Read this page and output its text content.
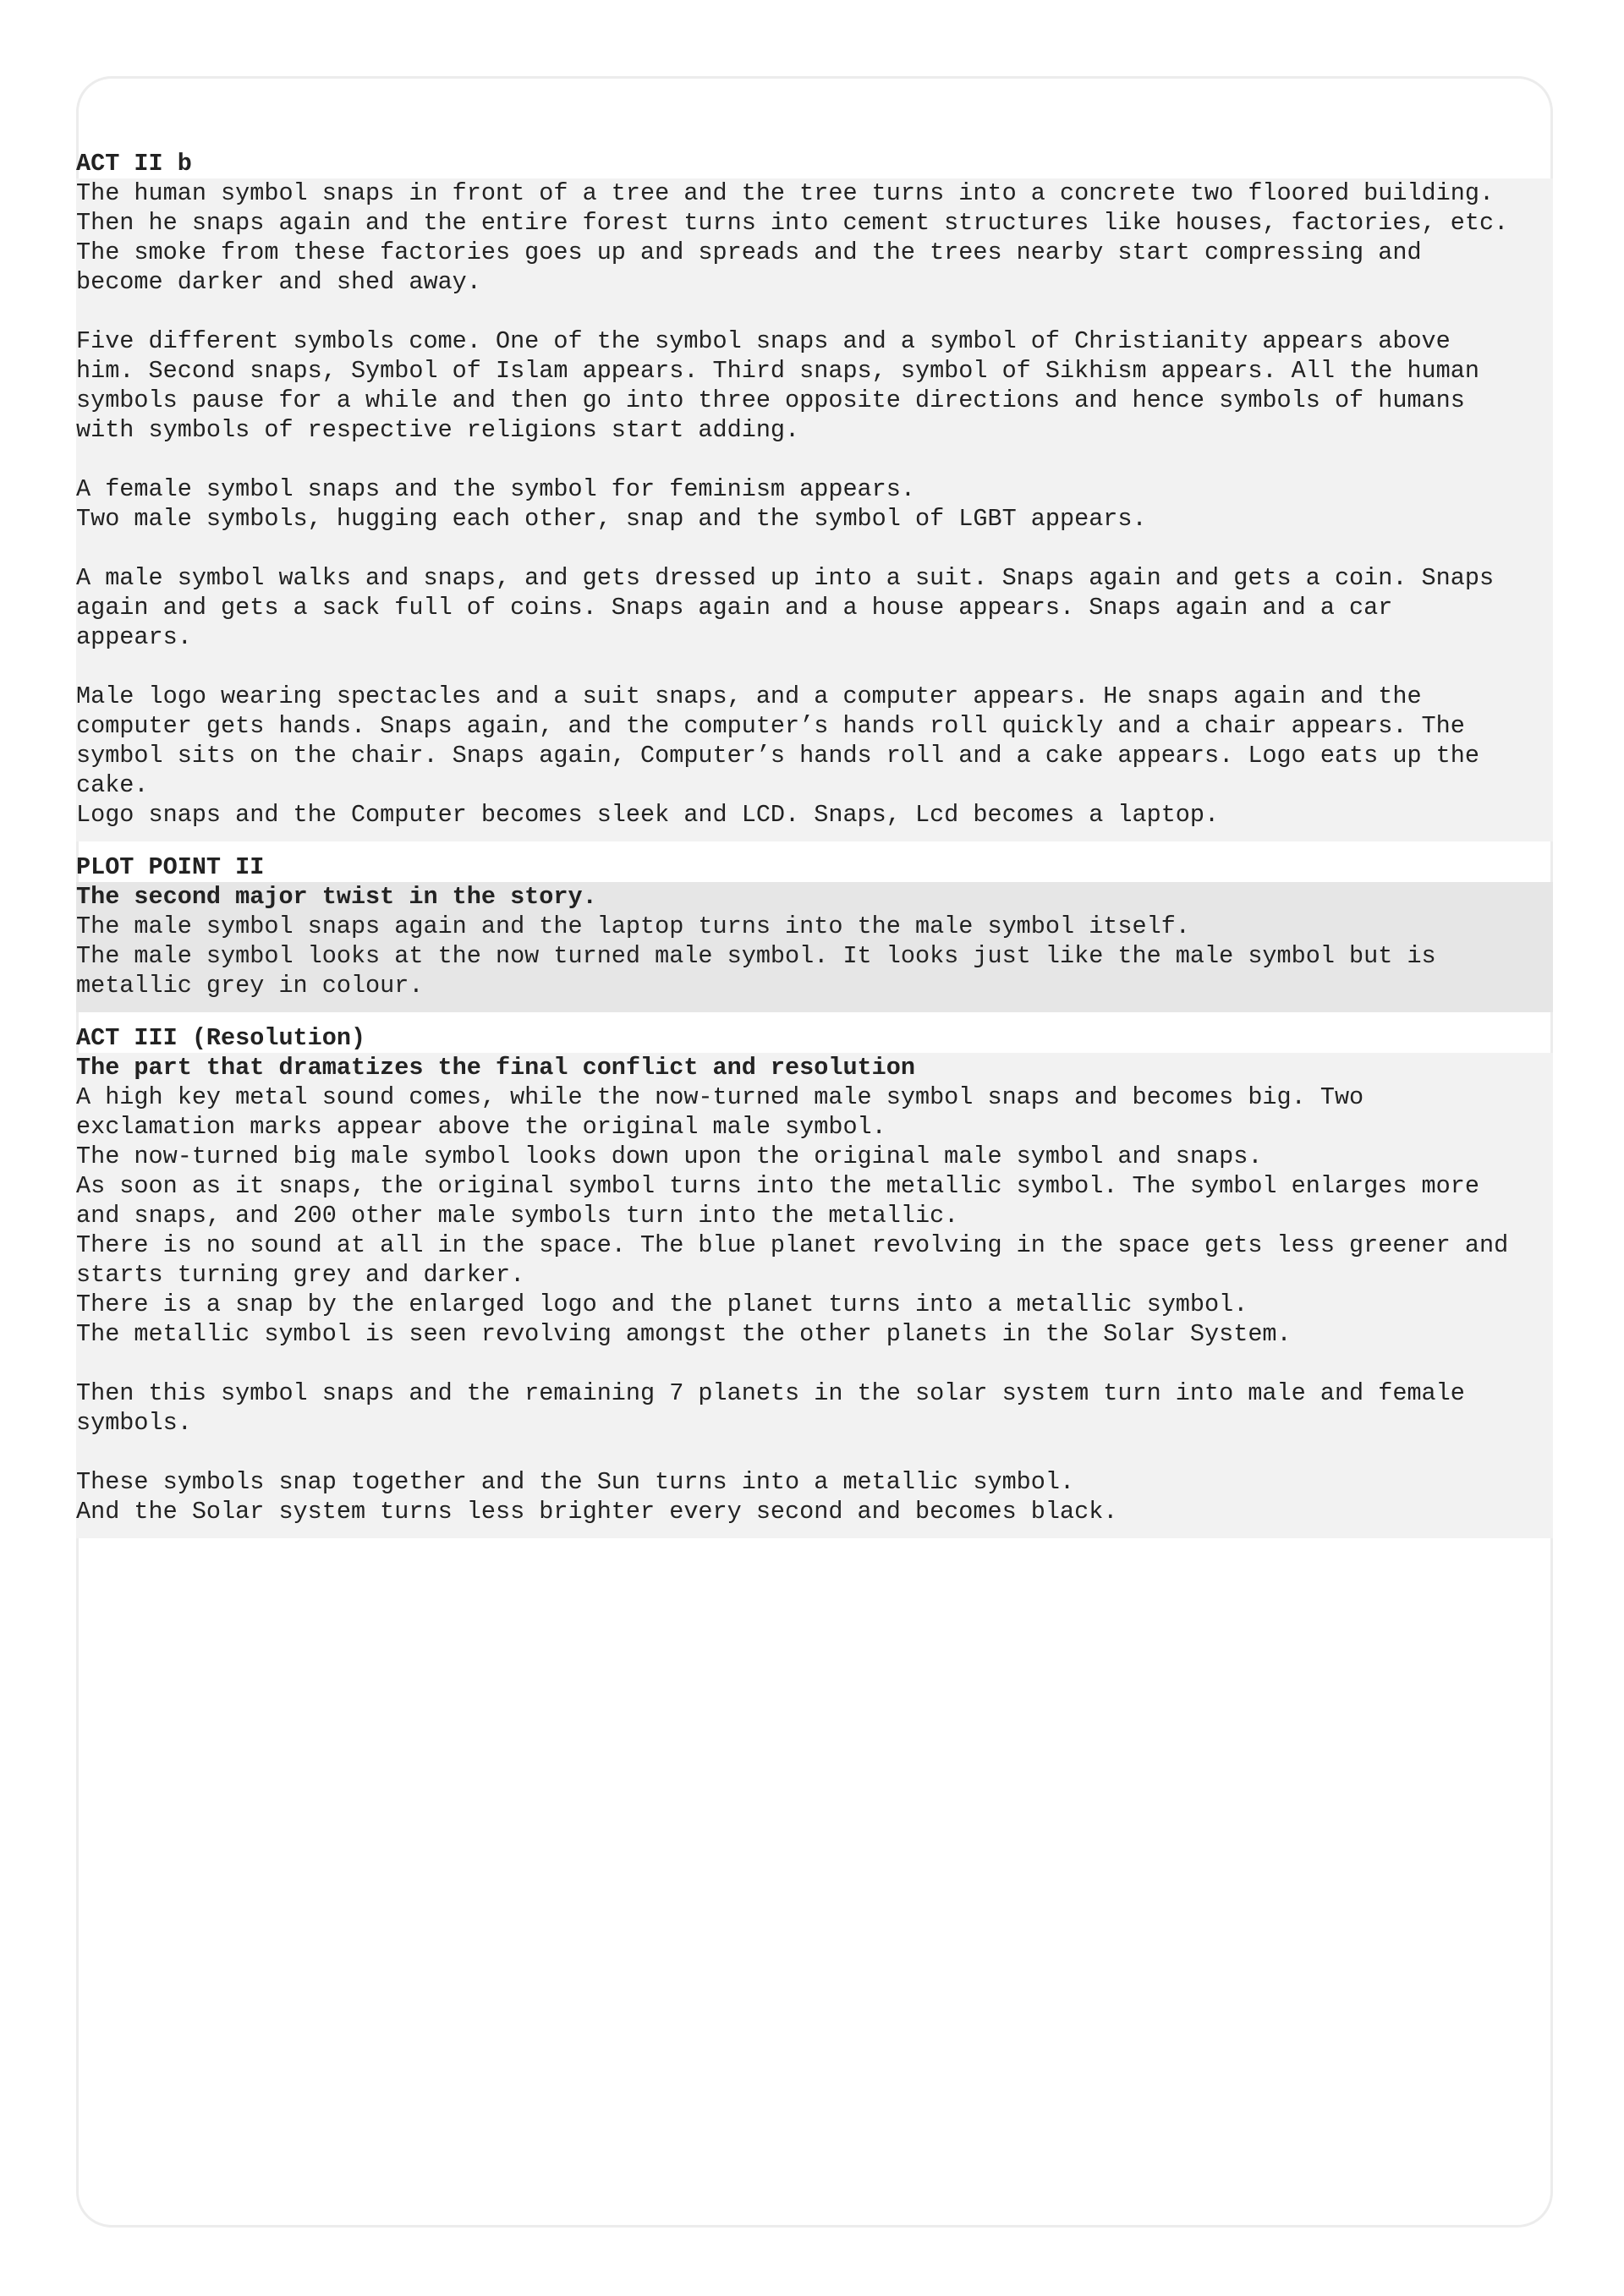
ACT II b

The human symbol snaps in front of a tree and the tree turns into a concrete two floored building.
Then he snaps again and the entire forest turns into cement structures like houses, factories, etc.
The smoke from these factories goes up and spreads and the trees nearby start compressing and
become darker and shed away.

Five different symbols come. One of the symbol snaps and a symbol of Christianity appears above
him. Second snaps, Symbol of Islam appears. Third snaps, symbol of Sikhism appears. All the human
symbols pause for a while and then go into three opposite directions and hence symbols of humans
with symbols of respective religions start adding.

A female symbol snaps and the symbol for feminism appears.
Two male symbols, hugging each other, snap and the symbol of LGBT appears.

A male symbol walks and snaps, and gets dressed up into a suit. Snaps again and gets a coin. Snaps
again and gets a sack full of coins. Snaps again and a house appears. Snaps again and a car
appears.

Male logo wearing spectacles and a suit snaps, and a computer appears. He snaps again and the
computer gets hands. Snaps again, and the computer’s hands roll quickly and a chair appears. The
symbol sits on the chair. Snaps again, Computer’s hands roll and a cake appears. Logo eats up the
cake.
Logo snaps and the Computer becomes sleek and LCD. Snaps, Lcd becomes a laptop.

PLOT POINT II

The second major twist in the story.

The male symbol snaps again and the laptop turns into the male symbol itself.
The male symbol looks at the now turned male symbol. It looks just like the male symbol but is
metallic grey in colour.

ACT III (Resolution)

The part that dramatizes the final conflict and resolution

A high key metal sound comes, while the now-turned male symbol snaps and becomes big. Two
exclamation marks appear above the original male symbol.
The now-turned big male symbol looks down upon the original male symbol and snaps.
As soon as it snaps, the original symbol turns into the metallic symbol. The symbol enlarges more
and snaps, and 200 other male symbols turn into the metallic.
There is no sound at all in the space. The blue planet revolving in the space gets less greener and
starts turning grey and darker.
There is a snap by the enlarged logo and the planet turns into a metallic symbol.
The metallic symbol is seen revolving amongst the other planets in the Solar System.

Then this symbol snaps and the remaining 7 planets in the solar system turn into male and female
symbols.

These symbols snap together and the Sun turns into a metallic symbol.
And the Solar system turns less brighter every second and becomes black.
